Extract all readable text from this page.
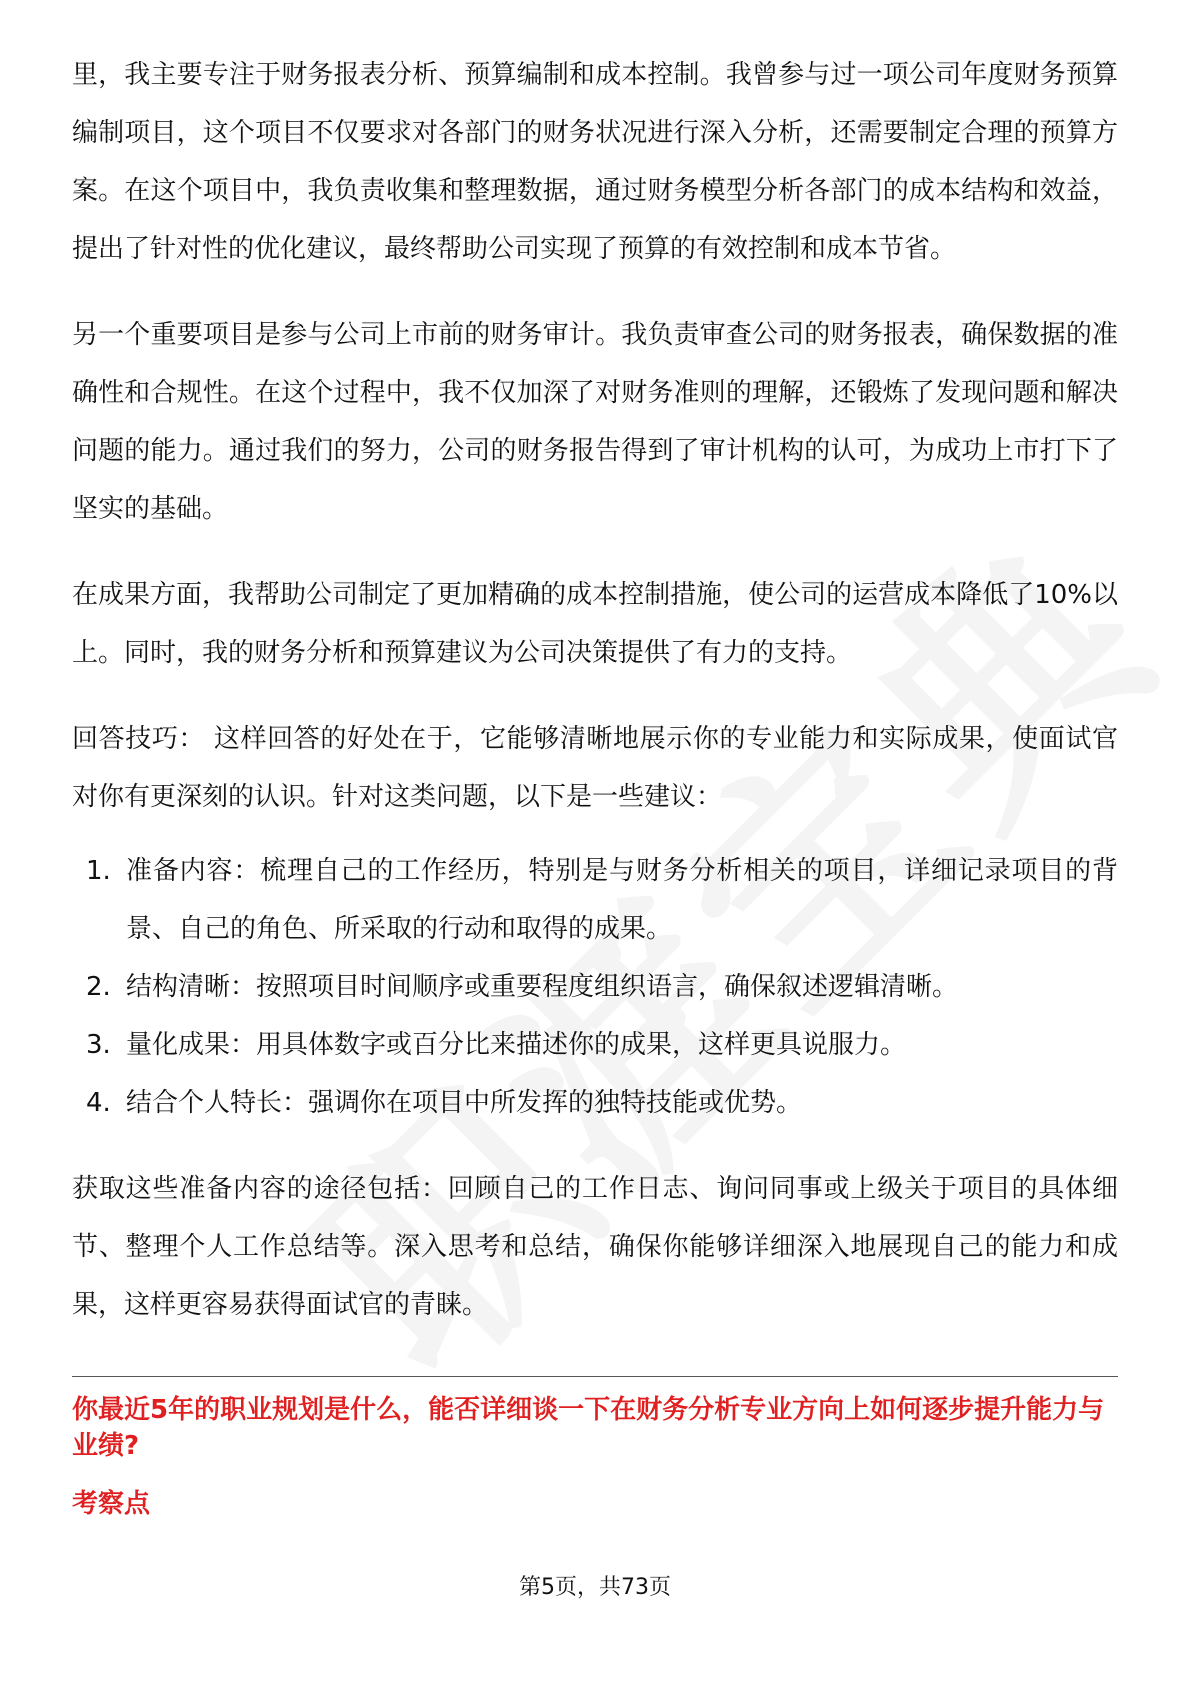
里，我主要专注于财务报表分析、预算编制和成本控制。我曾参与过一项公司年度财务预算编制项目，这个项目不仅要求对各部门的财务状况进行深入分析，还需要制定合理的预算方案。在这个项目中，我负责收集和整理数据，通过财务模型分析各部门的成本结构和效益，提出了针对性的优化建议，最终帮助公司实现了预算的有效控制和成本节省。

另一个重要项目是参与公司上市前的财务审计。我负责审查公司的财务报表，确保数据的准确性和合规性。在这个过程中，我不仅加深了对财务准则的理解，还锻炼了发现问题和解决问题的能力。通过我们的努力，公司的财务报告得到了审计机构的认可，为成功上市打下了坚实的基础。

在成果方面，我帮助公司制定了更加精确的成本控制措施，使公司的运营成本降低了10%以上。同时，我的财务分析和预算建议为公司决策提供了有力的支持。

回答技巧： 这样回答的好处在于，它能够清晰地展示你的专业能力和实际成果，使面试官对你有更深刻的认识。针对这类问题，以下是一些建议：

1. 准备内容：梳理自己的工作经历，特别是与财务分析相关的项目，详细记录项目的背景、自己的角色、所采取的行动和取得的成果。
2. 结构清晰：按照项目时间顺序或重要程度组织语言，确保叙述逻辑清晰。
3. 量化成果：用具体数字或百分比来描述你的成果，这样更具说服力。
4. 结合个人特长：强调你在项目中所发挥的独特技能或优势。

获取这些准备内容的途径包括：回顾自己的工作日志、询问同事或上级关于项目的具体细节、整理个人工作总结等。深入思考和总结，确保你能够详细深入地展现自己的能力和成果，这样更容易获得面试官的青睐。

你最近5年的职业规划是什么，能否详细谈一下在财务分析专业方向上如何逐步提升能力与业绩?
考察点
第5页，共73页
